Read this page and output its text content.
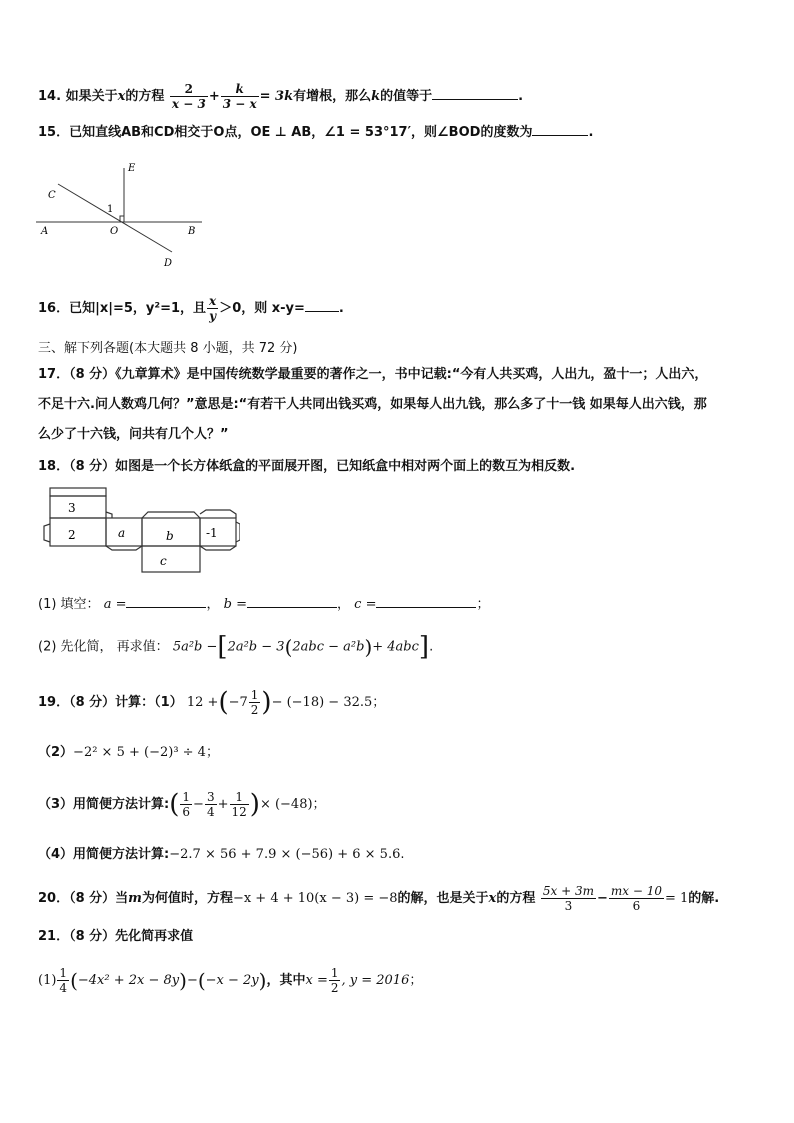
14. 如果关于x的方程 $\frac{2}{x - 3} + \frac{k}{3 - x} = 3k$有增根，那么k的值等于	.
15．已知直线AB和CD相交于O点，OE ⊥ AB，∠1 = 53°17′，则∠BOD的度数为	.
E
C
1
A	O	B
D
16．已知|x|=5，y²=1，且 $\frac{x}{y} >0$，则 x-y=	.
三、解下列各题(本大题共 8 小题，共 72 分)
17．（8 分）《九章算术》是中国传统数学最重要的著作之一，书中记载:“今有人共买鸡，人出九，盈十一；人出六，
不足十六.问人数鸡几何？”意思是:“有若干人共同出钱买鸡，如果每人出九钱，那么多了十一钱 如果每人出六钱，那
么少了十六钱，问共有几个人？”
18．（8 分）如图是一个长方体纸盒的平面展开图，已知纸盒中相对两个面上的数互为相反数.
3
2	a	b	-1
c
(1) 填空： a =	， b =	， c =	；
(2) 先化简， 再求值： 5a²b −[2a²b − 3(2abc − a²b)+ 4abc].
19．（8 分）计算：（1） $12 +(-7 \frac{1}{2}$ )− (−18) − 32.5；
（2）−2² × 5 + (−2)³ ÷ 4；
（3）用简便方法计算:( $\frac{1}{6} - \frac{3}{4} + \frac{1}{12}$ )× (−48)；
（4）用简便方法计算:−2.7 × 56 + 7.9 × (−56) + 6 × 5.6.
20．（8 分）当m为何值时，方程−x + 4 + 10(x − 3) = −8的解，也是关于x的方程 $\frac{5x + 3m}{3} - \frac{mx - 10}{6} = 1$的解.
21．（8 分）先化简再求值
$(1) \frac{1}{4} (-4x^2 + 2x - 8y)-(-x - 2y)$，其中$x = \frac{1}{2}$ , y = 2016；
